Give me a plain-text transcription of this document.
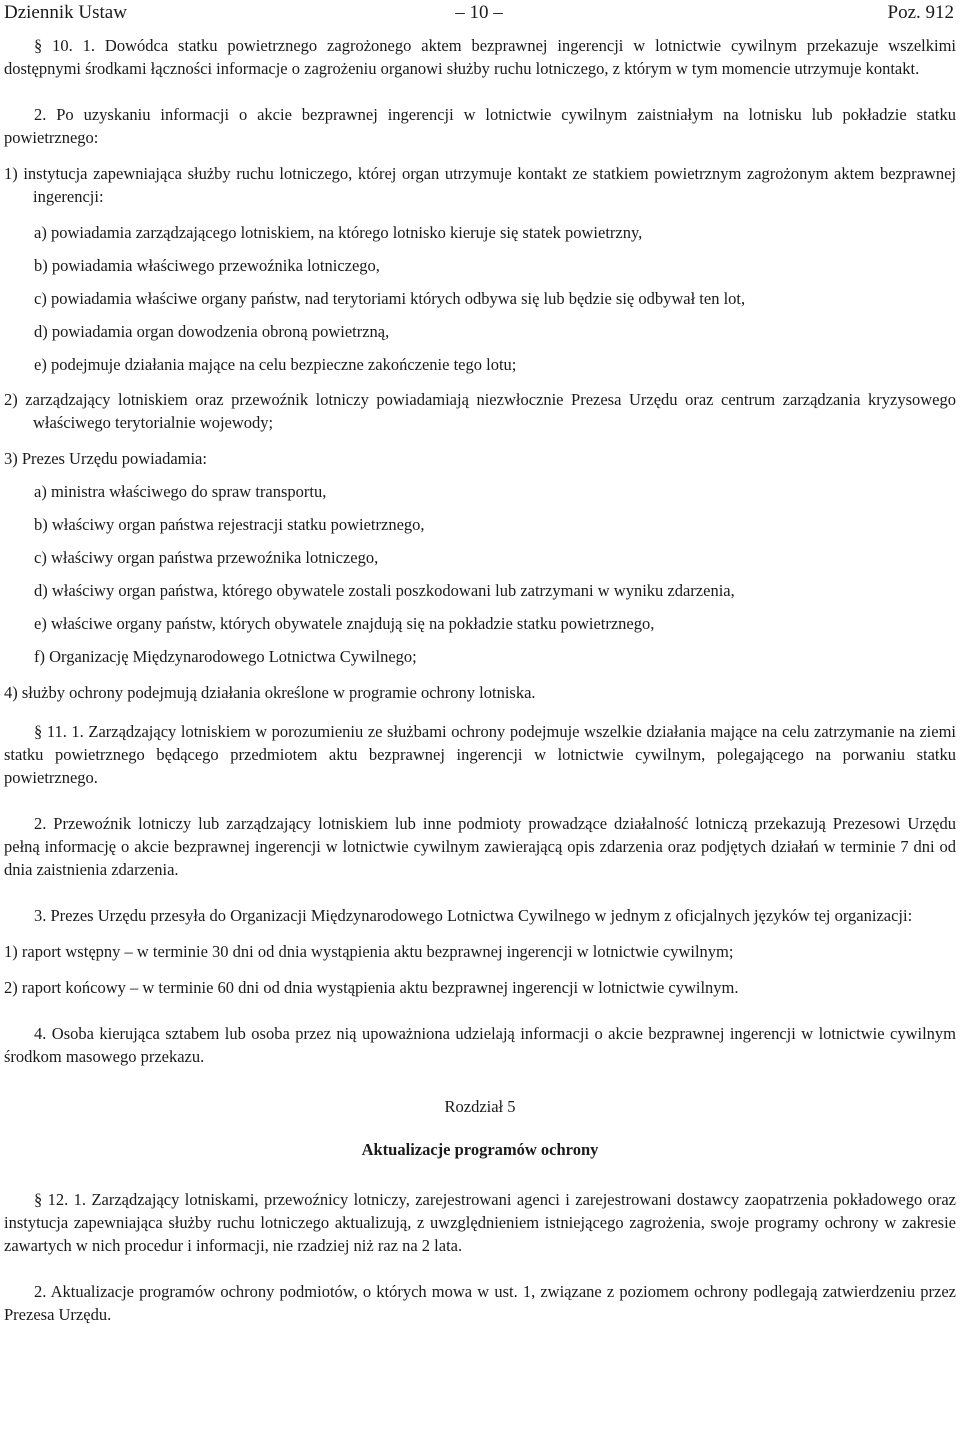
Dziennik Ustaw	– 10 –	Poz. 912

§ 10. 1. Dowódca statku powietrznego zagrożonego aktem bezprawnej ingerencji w lotnictwie cywilnym przekazuje wszelkimi dostępnymi środkami łączności informacje o zagrożeniu organowi służby ruchu lotniczego, z którym w tym momencie utrzymuje kontakt.

2. Po uzyskaniu informacji o akcie bezprawnej ingerencji w lotnictwie cywilnym zaistniałym na lotnisku lub pokładzie statku powietrznego:

1) instytucja zapewniająca służby ruchu lotniczego, której organ utrzymuje kontakt ze statkiem powietrznym zagrożonym aktem bezprawnej ingerencji:

a) powiadamia zarządzającego lotniskiem, na którego lotnisko kieruje się statek powietrzny,

b) powiadamia właściwego przewoźnika lotniczego,

c) powiadamia właściwe organy państw, nad terytoriami których odbywa się lub będzie się odbywał ten lot,

d) powiadamia organ dowodzenia obroną powietrzną,

e) podejmuje działania mające na celu bezpieczne zakończenie tego lotu;

2) zarządzający lotniskiem oraz przewoźnik lotniczy powiadamiają niezwłocznie Prezesa Urzędu oraz centrum zarządzania kryzysowego właściwego terytorialnie wojewody;

3) Prezes Urzędu powiadamia:

a) ministra właściwego do spraw transportu,

b) właściwy organ państwa rejestracji statku powietrznego,

c) właściwy organ państwa przewoźnika lotniczego,

d) właściwy organ państwa, którego obywatele zostali poszkodowani lub zatrzymani w wyniku zdarzenia,

e) właściwe organy państw, których obywatele znajdują się na pokładzie statku powietrznego,

f) Organizację Międzynarodowego Lotnictwa Cywilnego;

4) służby ochrony podejmują działania określone w programie ochrony lotniska.

§ 11. 1. Zarządzający lotniskiem w porozumieniu ze służbami ochrony podejmuje wszelkie działania mające na celu zatrzymanie na ziemi statku powietrznego będącego przedmiotem aktu bezprawnej ingerencji w lotnictwie cywilnym, polegającego na porwaniu statku powietrznego.

2. Przewoźnik lotniczy lub zarządzający lotniskiem lub inne podmioty prowadzące działalność lotniczą przekazują Prezesowi Urzędu pełną informację o akcie bezprawnej ingerencji w lotnictwie cywilnym zawierającą opis zdarzenia oraz podjętych działań w terminie 7 dni od dnia zaistnienia zdarzenia.

3. Prezes Urzędu przesyła do Organizacji Międzynarodowego Lotnictwa Cywilnego w jednym z oficjalnych języków tej organizacji:

1) raport wstępny – w terminie 30 dni od dnia wystąpienia aktu bezprawnej ingerencji w lotnictwie cywilnym;

2) raport końcowy – w terminie 60 dni od dnia wystąpienia aktu bezprawnej ingerencji w lotnictwie cywilnym.

4. Osoba kierująca sztabem lub osoba przez nią upoważniona udzielają informacji o akcie bezprawnej ingerencji w lotnictwie cywilnym środkom masowego przekazu.

Rozdział 5

Aktualizacje programów ochrony

§ 12. 1. Zarządzający lotniskami, przewoźnicy lotniczy, zarejestrowani agenci i zarejestrowani dostawcy zaopatrzenia pokładowego oraz instytucja zapewniająca służby ruchu lotniczego aktualizują, z uwzględnieniem istniejącego zagrożenia, swoje programy ochrony w zakresie zawartych w nich procedur i informacji, nie rzadziej niż raz na 2 lata.

2. Aktualizacje programów ochrony podmiotów, o których mowa w ust. 1, związane z poziomem ochrony podlegają zatwierdzeniu przez Prezesa Urzędu.
